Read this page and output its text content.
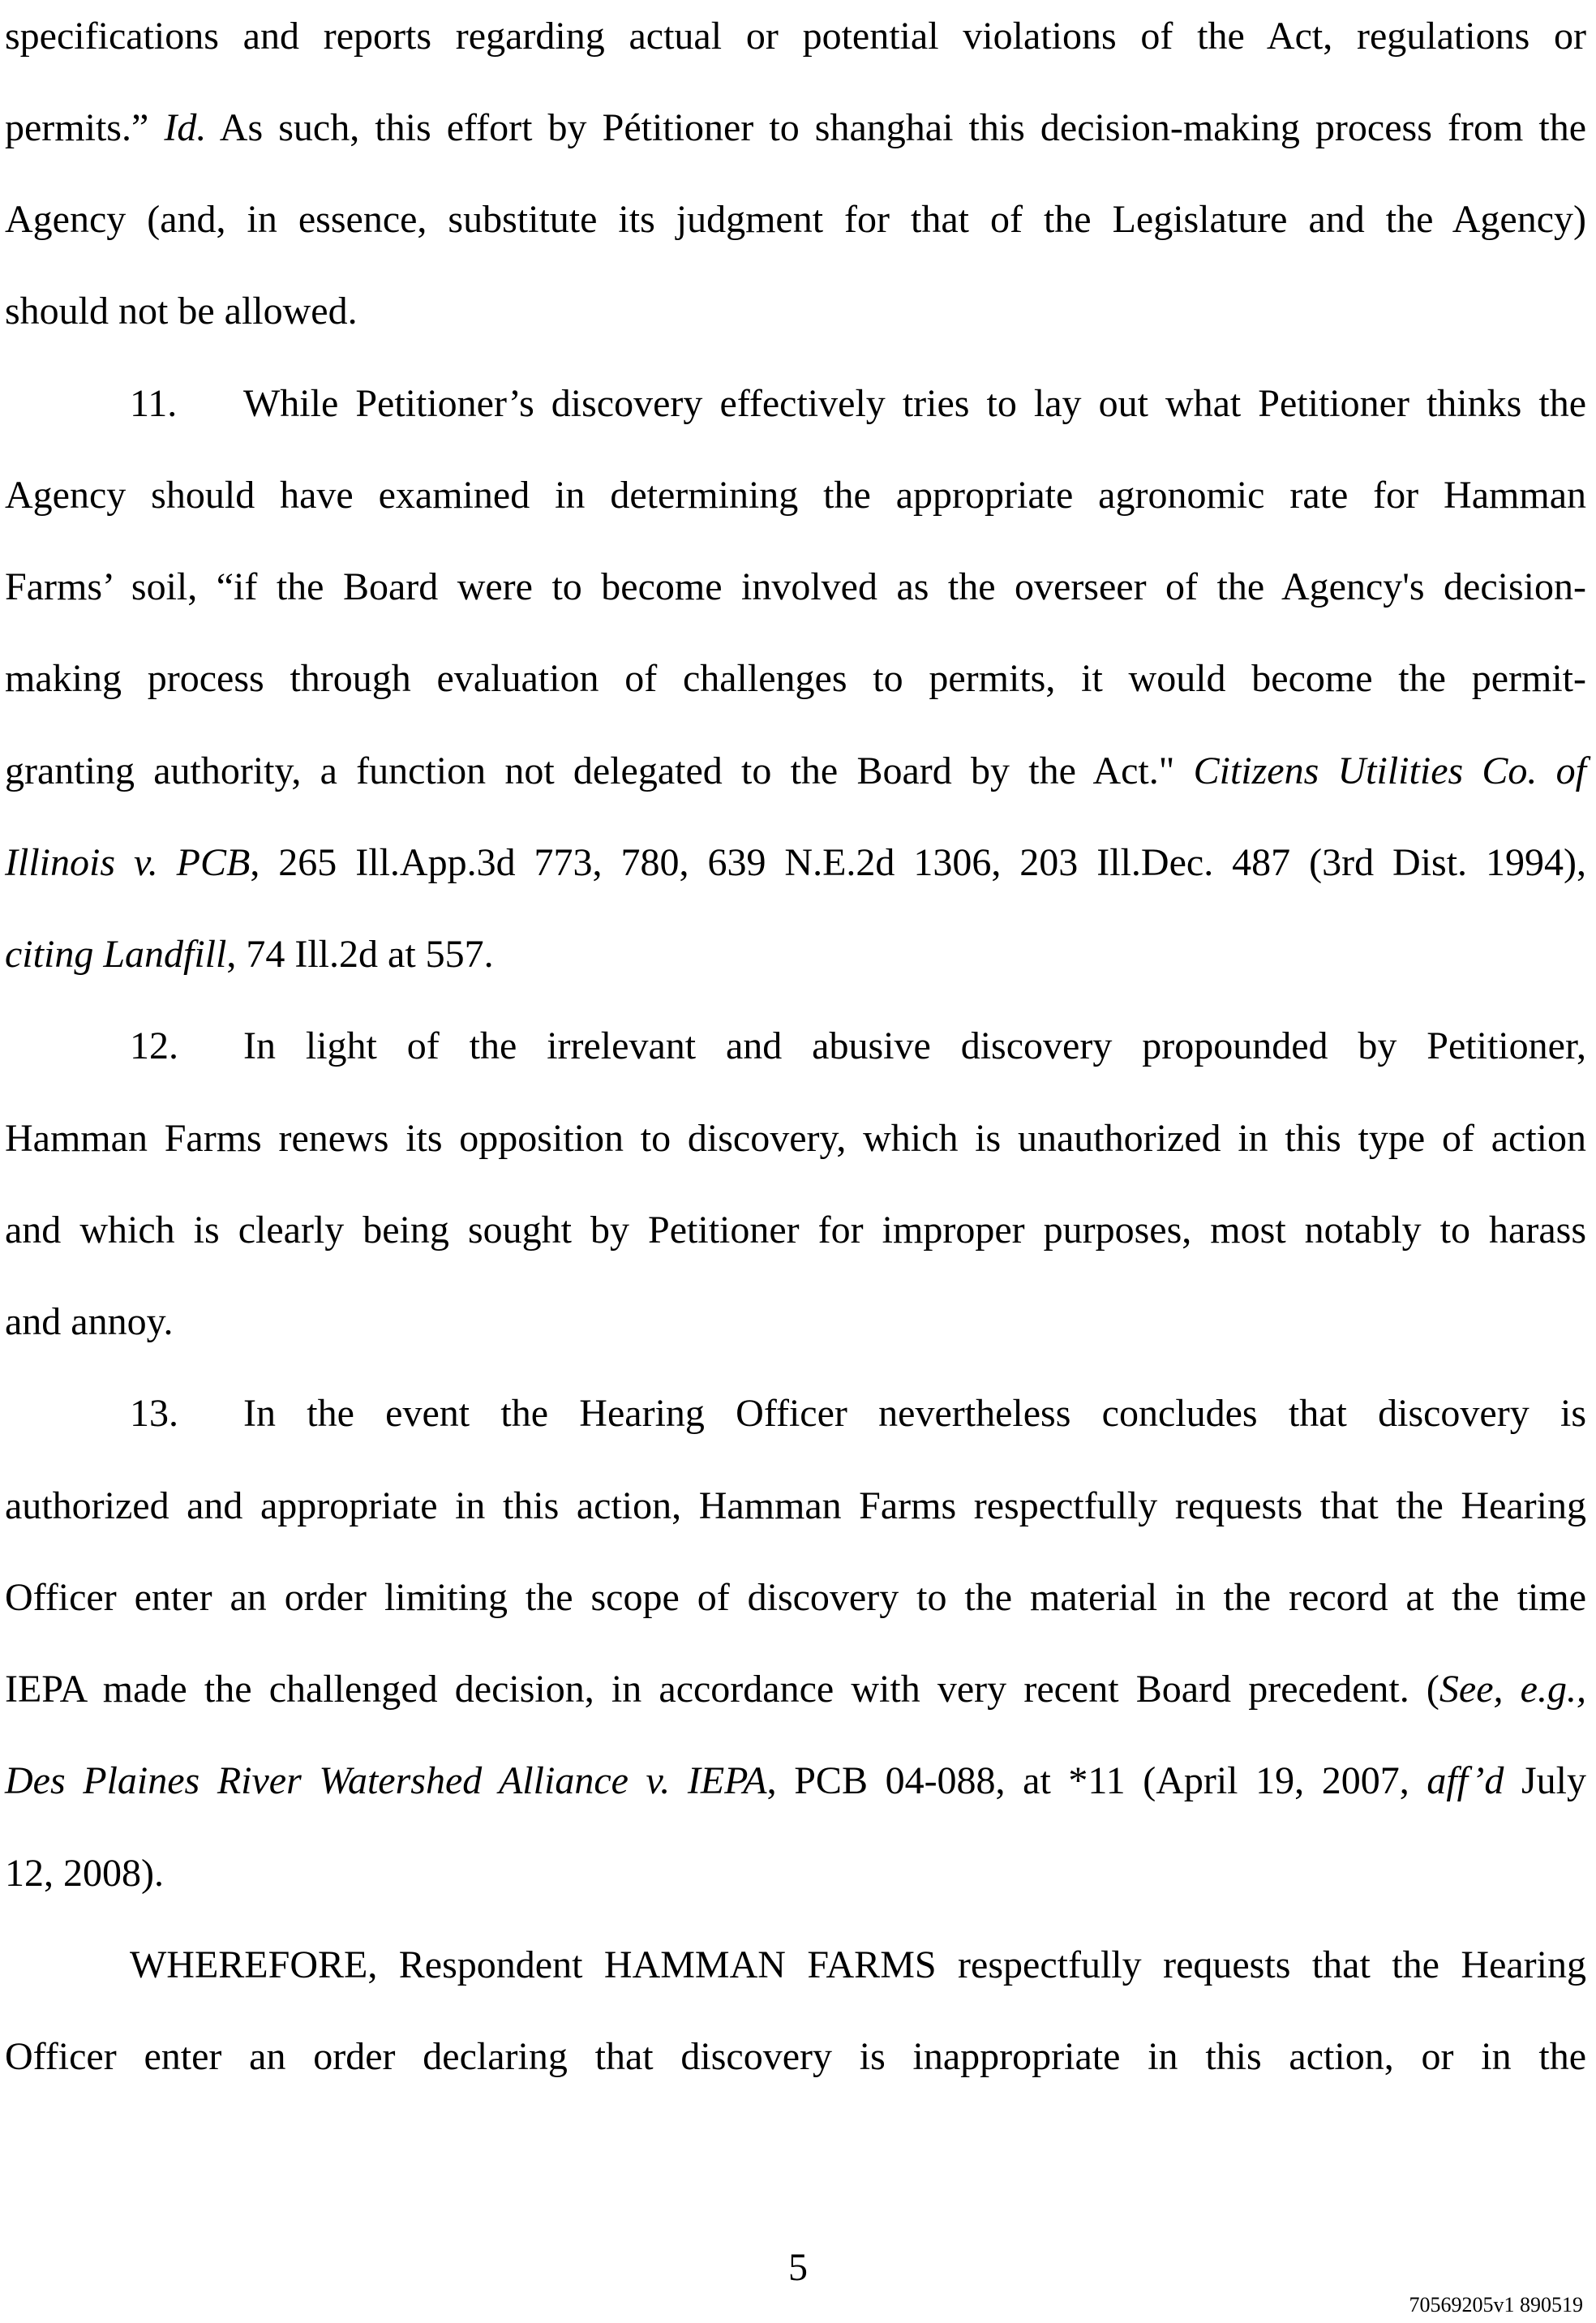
specifications and reports regarding actual or potential violations of the Act, regulations or
permits.” Id. As such, this effort by Pétitioner to shanghai this decision-making process from the
Agency (and, in essence, substitute its judgment for that of the Legislature and the Agency)
should not be allowed.
11. While Petitioner’s discovery effectively tries to lay out what Petitioner thinks the
Agency should have examined in determining the appropriate agronomic rate for Hamman
Farms’ soil, “if the Board were to become involved as the overseer of the Agency's decision-
making process through evaluation of challenges to permits, it would become the permit-
granting authority, a function not delegated to the Board by the Act." Citizens Utilities Co. of
Illinois v. PCB, 265 Ill.App.3d 773, 780, 639 N.E.2d 1306, 203 Ill.Dec. 487 (3rd Dist. 1994),
citing Landfill, 74 Ill.2d at 557.
12. In light of the irrelevant and abusive discovery propounded by Petitioner,
Hamman Farms renews its opposition to discovery, which is unauthorized in this type of action
and which is clearly being sought by Petitioner for improper purposes, most notably to harass
and annoy.
13. In the event the Hearing Officer nevertheless concludes that discovery is
authorized and appropriate in this action, Hamman Farms respectfully requests that the Hearing
Officer enter an order limiting the scope of discovery to the material in the record at the time
IEPA made the challenged decision, in accordance with very recent Board precedent. (See, e.g.,
Des Plaines River Watershed Alliance v. IEPA, PCB 04-088, at *11 (April 19, 2007, aff’d July
12, 2008).
WHEREFORE, Respondent HAMMAN FARMS respectfully requests that the Hearing
Officer enter an order declaring that discovery is inappropriate in this action, or in the
5
70569205v1 890519
